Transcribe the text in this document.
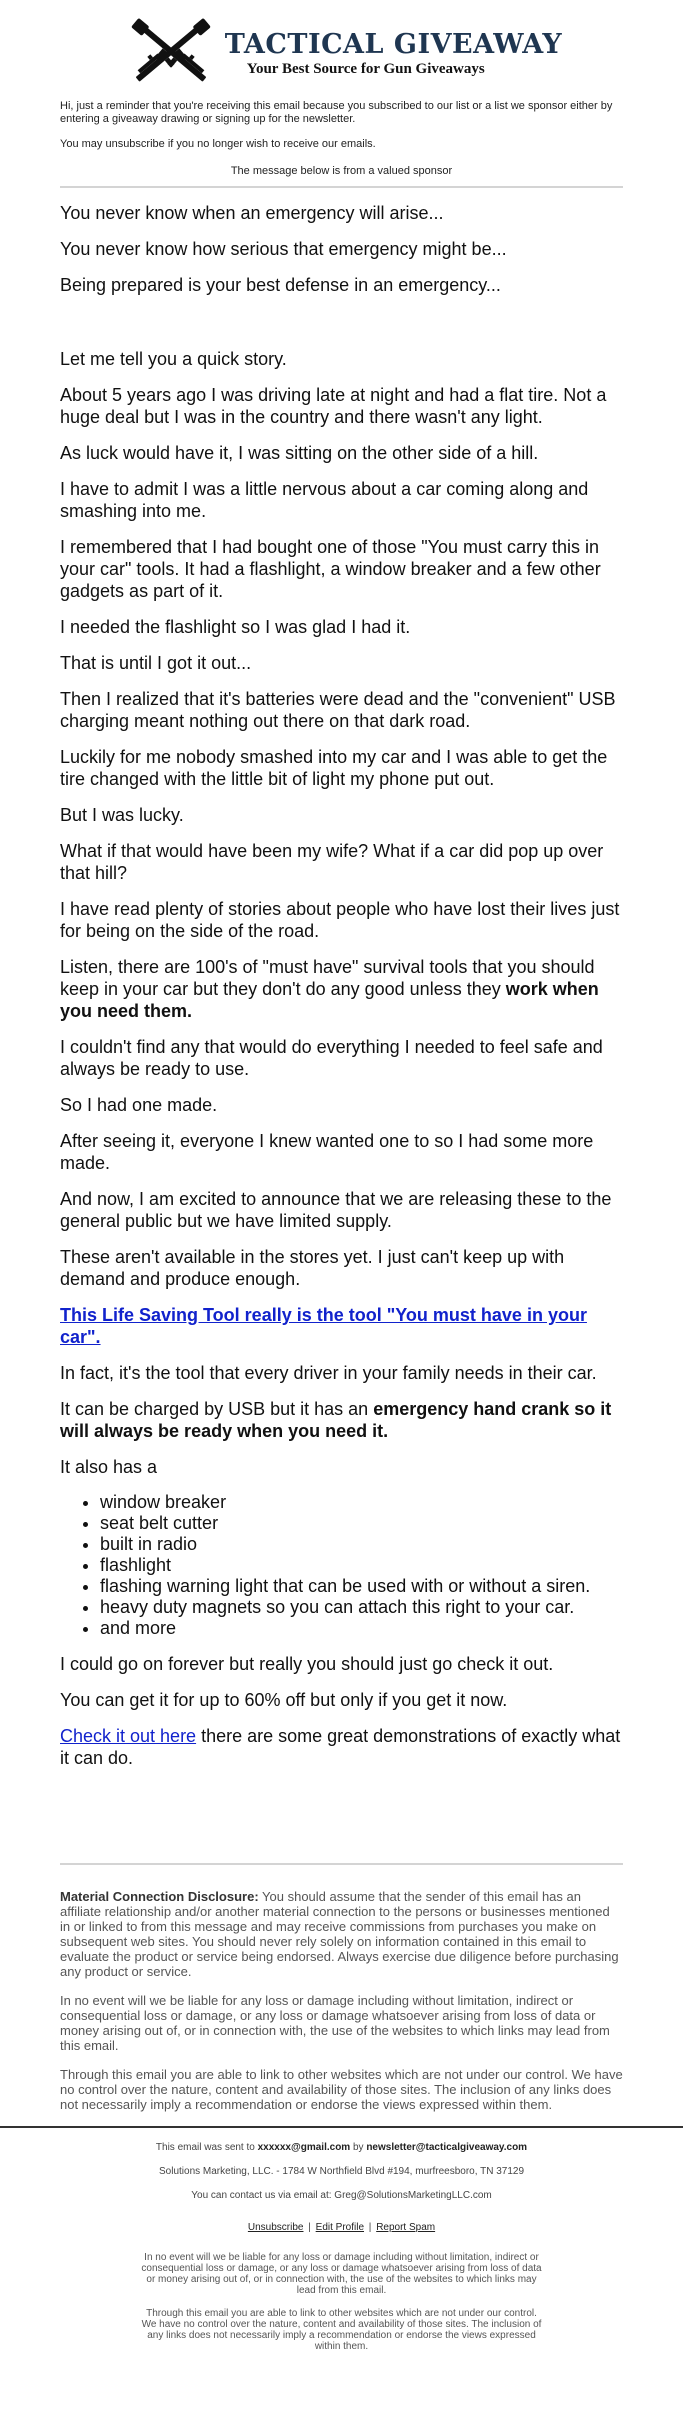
TACTICAL GIVEAWAY
Your Best Source for Gun Giveaways

Hi, just a reminder that you're receiving this email because you subscribed to our list or a list we sponsor either by entering a giveaway drawing or signing up for the newsletter.

You may unsubscribe if you no longer wish to receive our emails.

The message below is from a valued sponsor

You never know when an emergency will arise...

You never know how serious that emergency might be...

Being prepared is your best defense in an emergency...

Let me tell you a quick story.

About 5 years ago I was driving late at night and had a flat tire. Not a huge deal but I was in the country and there wasn't any light.

As luck would have it, I was sitting on the other side of a hill.

I have to admit I was a little nervous about a car coming along and smashing into me.

I remembered that I had bought one of those "You must carry this in your car" tools. It had a flashlight, a window breaker and a few other gadgets as part of it.

I needed the flashlight so I was glad I had it.

That is until I got it out...

Then I realized that it's batteries were dead and the "convenient" USB charging meant nothing out there on that dark road.

Luckily for me nobody smashed into my car and I was able to get the tire changed with the little bit of light my phone put out.

But I was lucky.

What if that would have been my wife? What if a car did pop up over that hill?

I have read plenty of stories about people who have lost their lives just for being on the side of the road.

Listen, there are 100's of "must have" survival tools that you should keep in your car but they don't do any good unless they work when you need them.

I couldn't find any that would do everything I needed to feel safe and always be ready to use.

So I had one made.

After seeing it, everyone I knew wanted one to so I had some more made.

And now, I am excited to announce that we are releasing these to the general public but we have limited supply.

These aren't available in the stores yet. I just can't keep up with demand and produce enough.

This Life Saving Tool really is the tool "You must have in your car".

In fact, it's the tool that every driver in your family needs in their car.

It can be charged by USB but it has an emergency hand crank so it will always be ready when you need it.

It also has a

• window breaker
• seat belt cutter
• built in radio
• flashlight
• flashing warning light that can be used with or without a siren.
• heavy duty magnets so you can attach this right to your car.
• and more

I could go on forever but really you should just go check it out.

You can get it for up to 60% off but only if you get it now.

Check it out here there are some great demonstrations of exactly what it can do.

Material Connection Disclosure: You should assume that the sender of this email has an affiliate relationship and/or another material connection to the persons or businesses mentioned in or linked to from this message and may receive commissions from purchases you make on subsequent web sites. You should never rely solely on information contained in this email to evaluate the product or service being endorsed. Always exercise due diligence before purchasing any product or service.

In no event will we be liable for any loss or damage including without limitation, indirect or consequential loss or damage, or any loss or damage whatsoever arising from loss of data or money arising out of, or in connection with, the use of the websites to which links may lead from this email.

Through this email you are able to link to other websites which are not under our control. We have no control over the nature, content and availability of those sites. The inclusion of any links does not necessarily imply a recommendation or endorse the views expressed within them.

This email was sent to xxxxxx@gmail.com by newsletter@tacticalgiveaway.com

Solutions Marketing, LLC. - 1784 W Northfield Blvd #194, murfreesboro, TN 37129

You can contact us via email at: Greg@SolutionsMarketingLLC.com

Unsubscribe | Edit Profile | Report Spam

In no event will we be liable for any loss or damage including without limitation, indirect or consequential loss or damage, or any loss or damage whatsoever arising from loss of data or money arising out of, or in connection with, the use of the websites to which links may lead from this email.

Through this email you are able to link to other websites which are not under our control. We have no control over the nature, content and availability of those sites. The inclusion of any links does not necessarily imply a recommendation or endorse the views expressed within them.
